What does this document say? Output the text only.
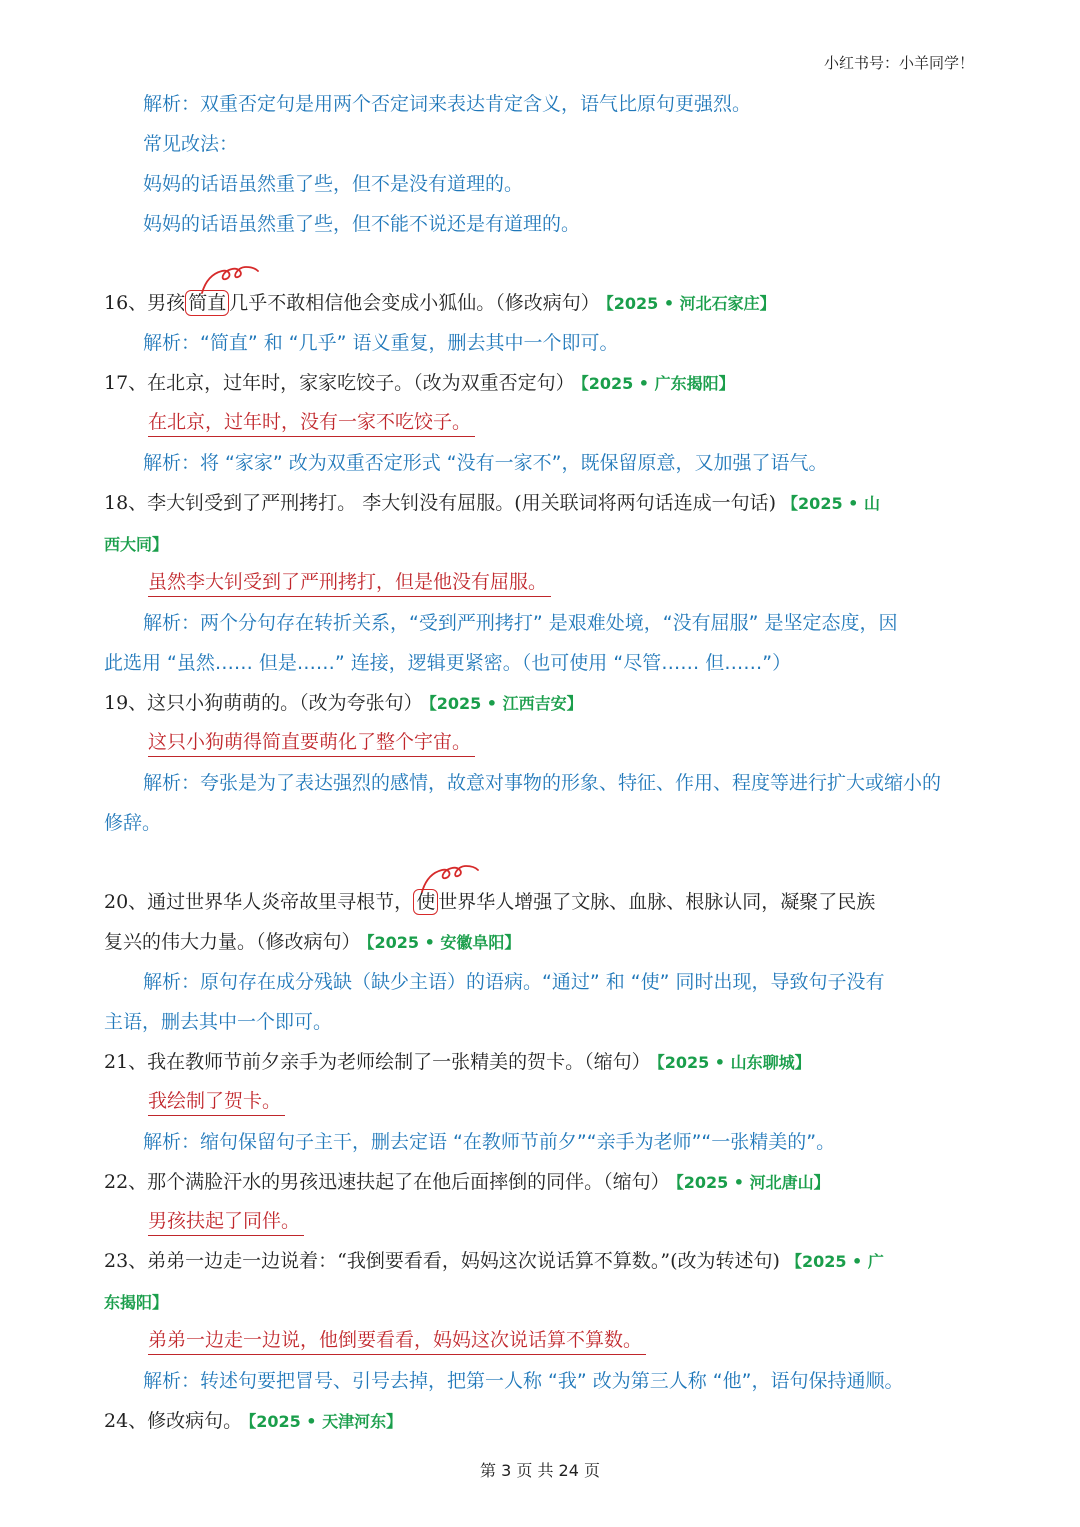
小红书号：小羊同学！
解析：双重否定句是用两个否定词来表达肯定含义，语气比原句更强烈。
常见改法：
妈妈的话语虽然重了些，但不是没有道理的。
妈妈的话语虽然重了些，但不能不说还是有道理的。
16、男孩 简直 几乎不敢相信他会变成小狐仙。（修改病句） 【2025 • 河北石家庄】
解析：“简直” 和 “几乎” 语义重复，删去其中一个即可。
17、在北京，过年时，家家吃饺子。（改为双重否定句） 【2025 • 广东揭阳】
在北京，过年时，没有一家不吃饺子。
解析：将 “家家” 改为双重否定形式 “没有一家不”，既保留原意，又加强了语气。
18、李大钊受到了严刑拷打。 李大钊没有屈服。(用关联词将两句话连成一句话) 【2025 • 山
西大同】
虽然李大钊受到了严刑拷打，但是他没有屈服。
解析：两个分句存在转折关系，“受到严刑拷打” 是艰难处境，“没有屈服” 是坚定态度，因
此选用 “虽然…… 但是……” 连接，逻辑更紧密。（也可使用 “尽管…… 但……”）
19、这只小狗萌萌的。（改为夸张句） 【2025 • 江西吉安】
这只小狗萌得简直要萌化了整个宇宙。
解析：夸张是为了表达强烈的感情，故意对事物的形象、特征、作用、程度等进行扩大或缩小的
修辞。
20、通过世界华人炎帝故里寻根节， 使 世界华人增强了文脉、血脉、根脉认同，凝聚了民族
复兴的伟大力量。（修改病句） 【2025 • 安徽阜阳】
解析：原句存在成分残缺（缺少主语）的语病。“通过” 和 “使” 同时出现，导致句子没有
主语，删去其中一个即可。
21、我在教师节前夕亲手为老师绘制了一张精美的贺卡。（缩句） 【2025 • 山东聊城】
我绘制了贺卡。
解析：缩句保留句子主干，删去定语 “在教师节前夕”“亲手为老师”“一张精美的”。
22、那个满脸汗水的男孩迅速扶起了在他后面摔倒的同伴。（缩句） 【2025 • 河北唐山】
男孩扶起了同伴。
23、弟弟一边走一边说着：“我倒要看看，妈妈这次说话算不算数。”(改为转述句) 【2025 • 广
东揭阳】
弟弟一边走一边说，他倒要看看，妈妈这次说话算不算数。
解析：转述句要把冒号、引号去掉，把第一人称 “我” 改为第三人称 “他”，语句保持通顺。
24、修改病句。 【2025 • 天津河东】
第 3 页 共 24 页
